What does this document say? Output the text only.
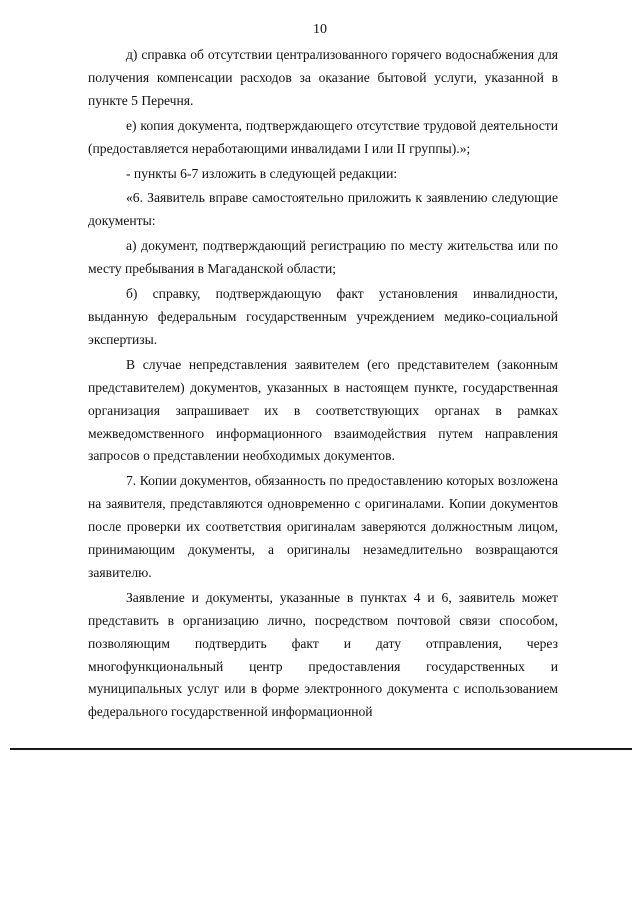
10

д) справка об отсутствии централизованного горячего водоснабжения для получения компенсации расходов за оказание бытовой услуги, указанной в пункте 5 Перечня.

е) копия документа, подтверждающего отсутствие трудовой деятельности (предоставляется неработающими инвалидами I или II группы).»;

- пункты 6-7 изложить в следующей редакции:

«6. Заявитель вправе самостоятельно приложить к заявлению следующие документы:

а) документ, подтверждающий регистрацию по месту жительства или по месту пребывания в Магаданской области;

б) справку, подтверждающую факт установления инвалидности, выданную федеральным государственным учреждением медико-социальной экспертизы.

В случае непредставления заявителем (его представителем (законным представителем) документов, указанных в настоящем пункте, государственная организация запрашивает их в соответствующих органах в рамках межведомственного информационного взаимодействия путем направления запросов о представлении необходимых документов.

7. Копии документов, обязанность по предоставлению которых возложена на заявителя, представляются одновременно с оригиналами. Копии документов после проверки их соответствия оригиналам заверяются должностным лицом, принимающим документы, а оригиналы незамедлительно возвращаются заявителю.

Заявление и документы, указанные в пунктах 4 и 6, заявитель может представить в организацию лично, посредством почтовой связи способом, позволяющим подтвердить факт и дату отправления, через многофункциональный центр предоставления государственных и муниципальных услуг или в форме электронного документа с использованием федерального государственной информационной
